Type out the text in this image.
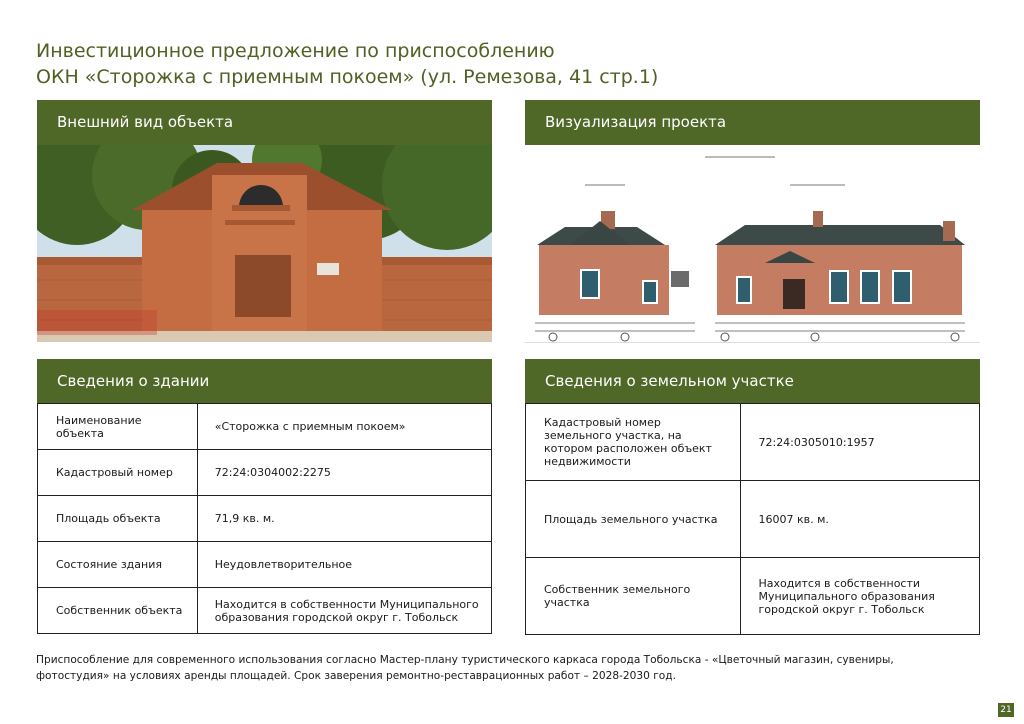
Инвестиционное предложение по приспособлению
ОКН «Сторожка с приемным покоем» (ул. Ремезова, 41 стр.1)
Внешний вид объекта	Визуализация проекта
Сведения о здании
Наименование объекта	«Сторожка с приемным покоем»
Кадастровый номер	72:24:0304002:2275
Площадь объекта	71,9 кв. м.
Состояние здания	Неудовлетворительное
Собственник объекта	Находится в собственности Муниципального образования городской округ г. Тобольск
Сведения о земельном участке
Кадастровый номер земельного участка, на котором расположен объект недвижимости	72:24:0305010:1957
Площадь земельного участка	16007 кв. м.
Собственник земельного участка	Находится в собственности Муниципального образования городской округ г. Тобольск
Приспособление для современного использования согласно Мастер-плану туристического каркаса города Тобольска - «Цветочный магазин, сувениры,
фотостудия» на условиях аренды площадей. Срок заверения ремонтно-реставрационных работ – 2028-2030 год.
21
